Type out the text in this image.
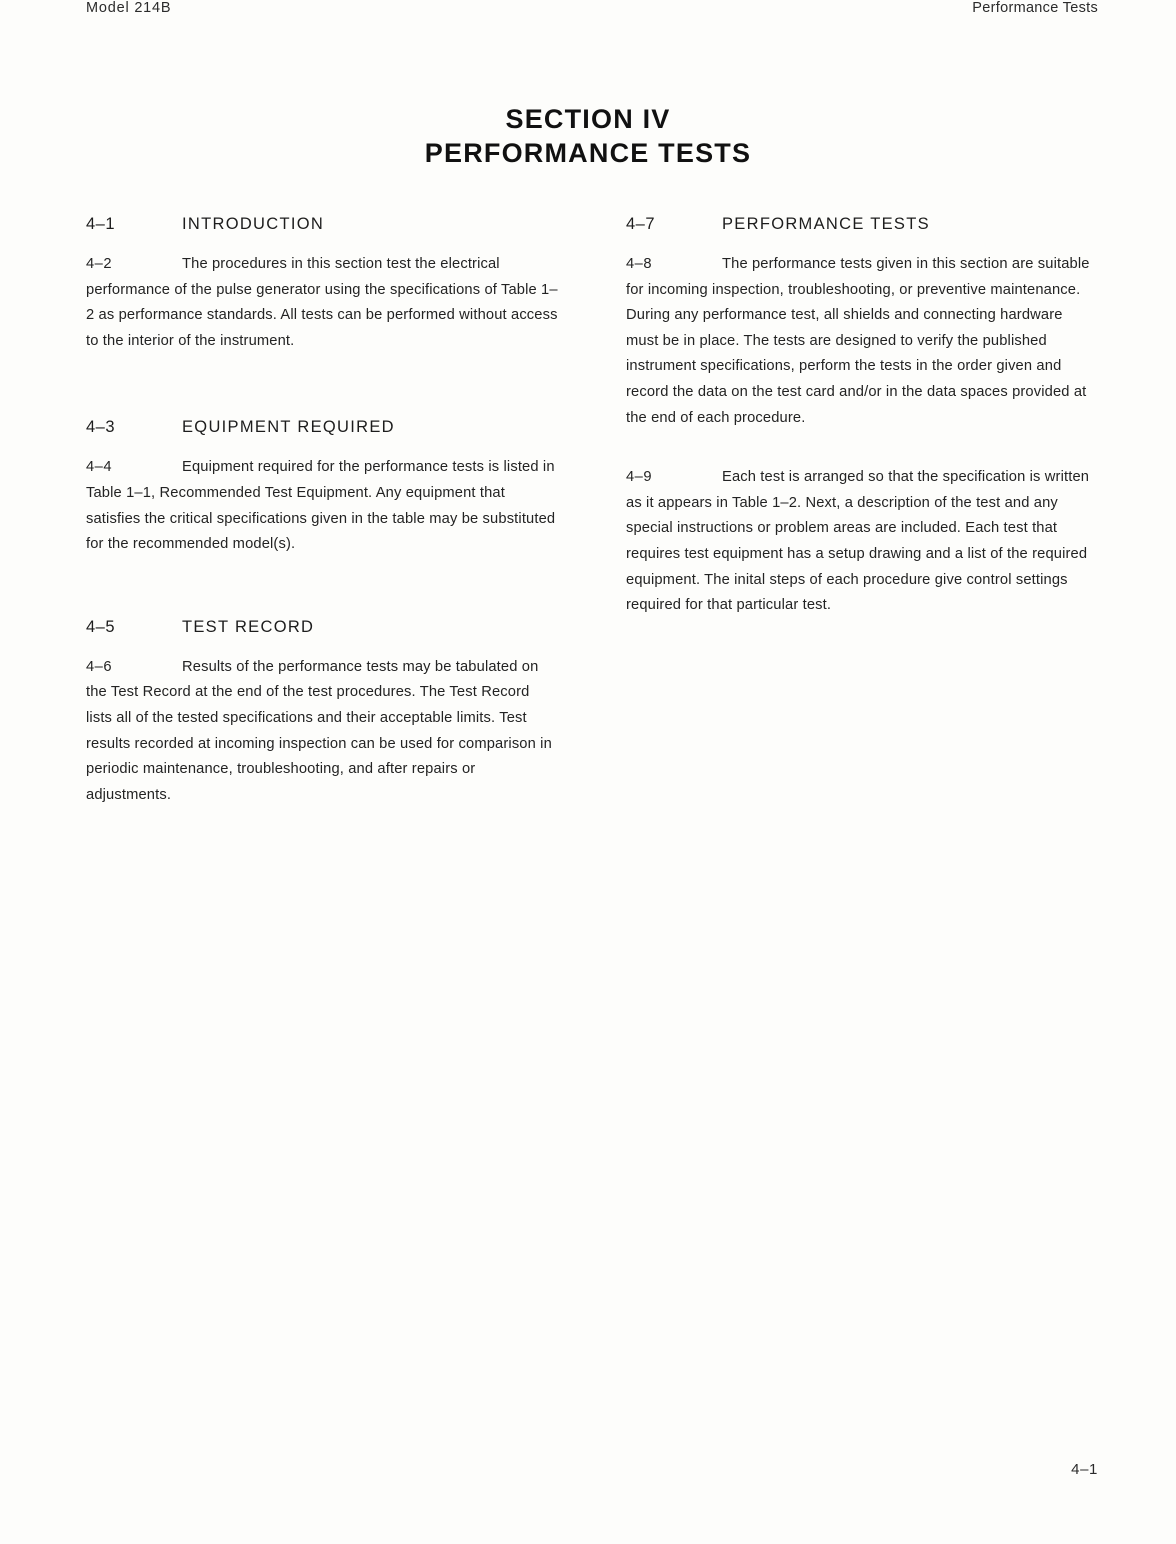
Model 214B	Performance Tests
SECTION IV
PERFORMANCE TESTS
4–1	INTRODUCTION

4–2	The procedures in this section test the electrical performance of the pulse generator using the specifications of Table 1–2 as performance standards. All tests can be performed without access to the interior of the instrument.

4–3	EQUIPMENT REQUIRED

4–4	Equipment required for the performance tests is listed in Table 1–1, Recommended Test Equipment. Any equipment that satisfies the critical specifications given in the table may be substituted for the recommended model(s).

4–5	TEST RECORD

4–6	Results of the performance tests may be tabulated on the Test Record at the end of the test procedures. The Test Record lists all of the tested specifications and their acceptable limits. Test results recorded at incoming inspection can be used for comparison in periodic maintenance, troubleshooting, and after repairs or adjustments.

4–7	PERFORMANCE TESTS

4–8	The performance tests given in this section are suitable for incoming inspection, troubleshooting, or preventive maintenance. During any performance test, all shields and connecting hardware must be in place. The tests are designed to verify the published instrument specifications, perform the tests in the order given and record the data on the test card and/or in the data spaces provided at the end of each procedure.

4–9	Each test is arranged so that the specification is written as it appears in Table 1–2. Next, a description of the test and any special instructions or problem areas are included. Each test that requires test equipment has a setup drawing and a list of the required equipment. The inital steps of each procedure give control settings required for that particular test.

4–1
